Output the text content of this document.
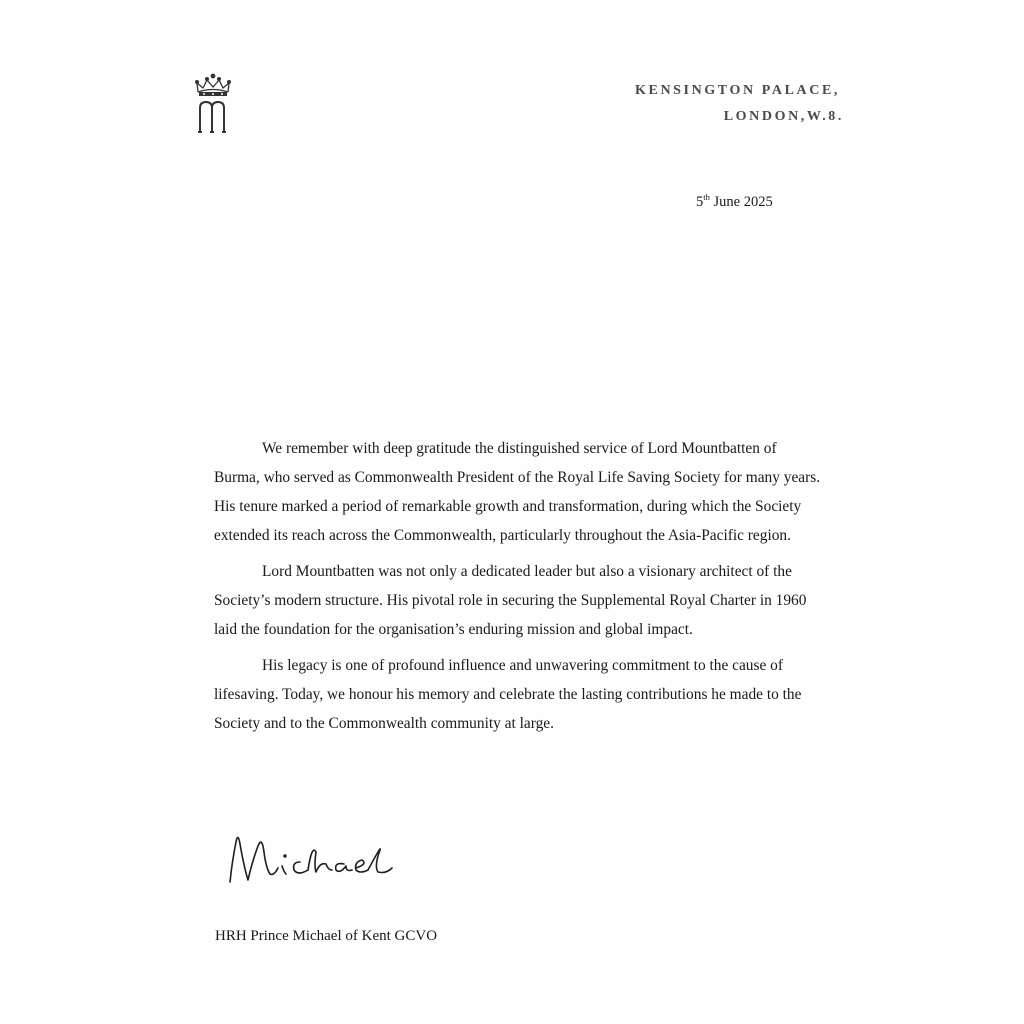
KENSINGTON PALACE,
LONDON,W.8.
5th June 2025

We remember with deep gratitude the distinguished service of Lord Mountbatten of Burma, who served as Commonwealth President of the Royal Life Saving Society for many years. His tenure marked a period of remarkable growth and transformation, during which the Society extended its reach across the Commonwealth, particularly throughout the Asia-Pacific region.

Lord Mountbatten was not only a dedicated leader but also a visionary architect of the Society’s modern structure. His pivotal role in securing the Supplemental Royal Charter in 1960 laid the foundation for the organisation’s enduring mission and global impact.

His legacy is one of profound influence and unwavering commitment to the cause of lifesaving. Today, we honour his memory and celebrate the lasting contributions he made to the Society and to the Commonwealth community at large.

HRH Prince Michael of Kent GCVO
